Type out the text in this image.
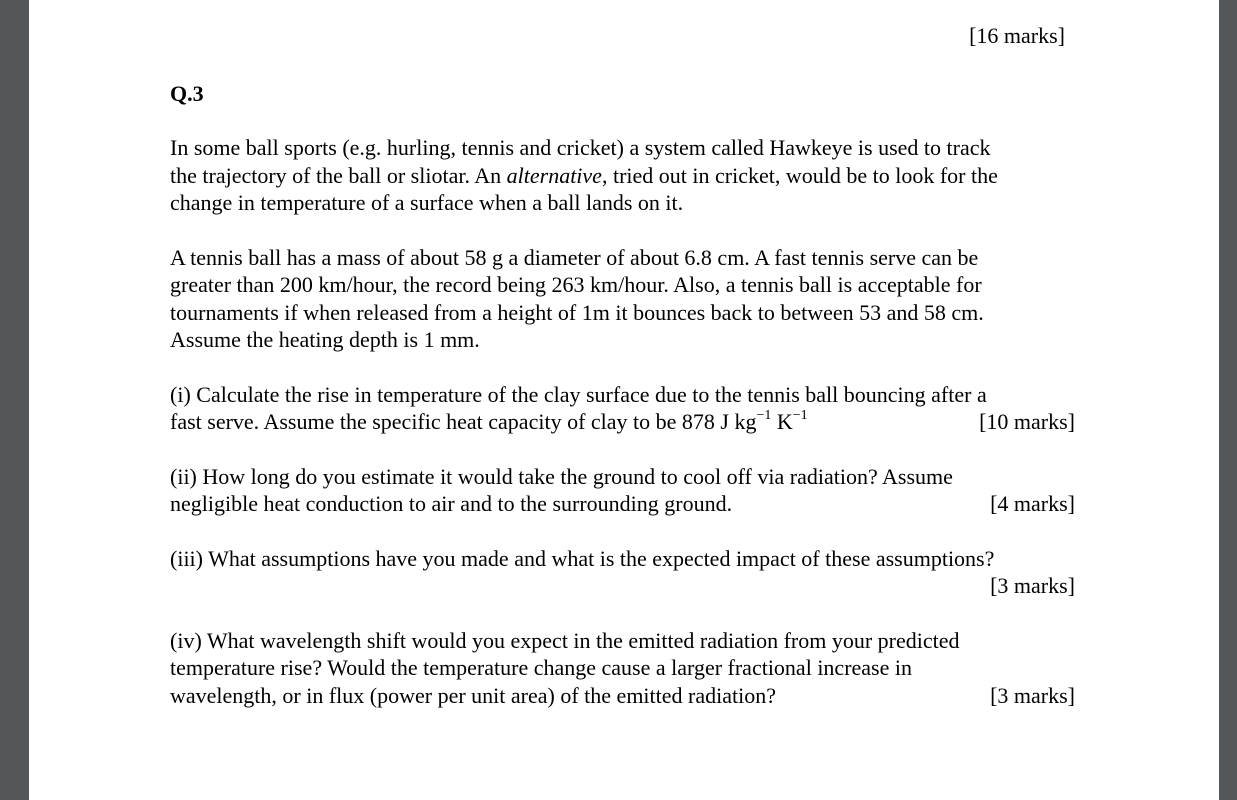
[16 marks]
Q.3
In some ball sports (e.g. hurling, tennis and cricket) a system called Hawkeye is used to track
the trajectory of the ball or sliotar. An alternative, tried out in cricket, would be to look for the
change in temperature of a surface when a ball lands on it.
A tennis ball has a mass of about 58 g a diameter of about 6.8 cm. A fast tennis serve can be
greater than 200 km/hour, the record being 263 km/hour. Also, a tennis ball is acceptable for
tournaments if when released from a height of 1m it bounces back to between 53 and 58 cm.
Assume the heating depth is 1 mm.
(i) Calculate the rise in temperature of the clay surface due to the tennis ball bouncing after a
fast serve. Assume the specific heat capacity of clay to be 878 J $kg^{-1}$ $K^{-1}$	[10 marks]
(ii) How long do you estimate it would take the ground to cool off via radiation? Assume
negligible heat conduction to air and to the surrounding ground.	[4 marks]
(iii) What assumptions have you made and what is the expected impact of these assumptions?
[3 marks]
(iv) What wavelength shift would you expect in the emitted radiation from your predicted
temperature rise? Would the temperature change cause a larger fractional increase in
wavelength, or in flux (power per unit area) of the emitted radiation?	[3 marks]
